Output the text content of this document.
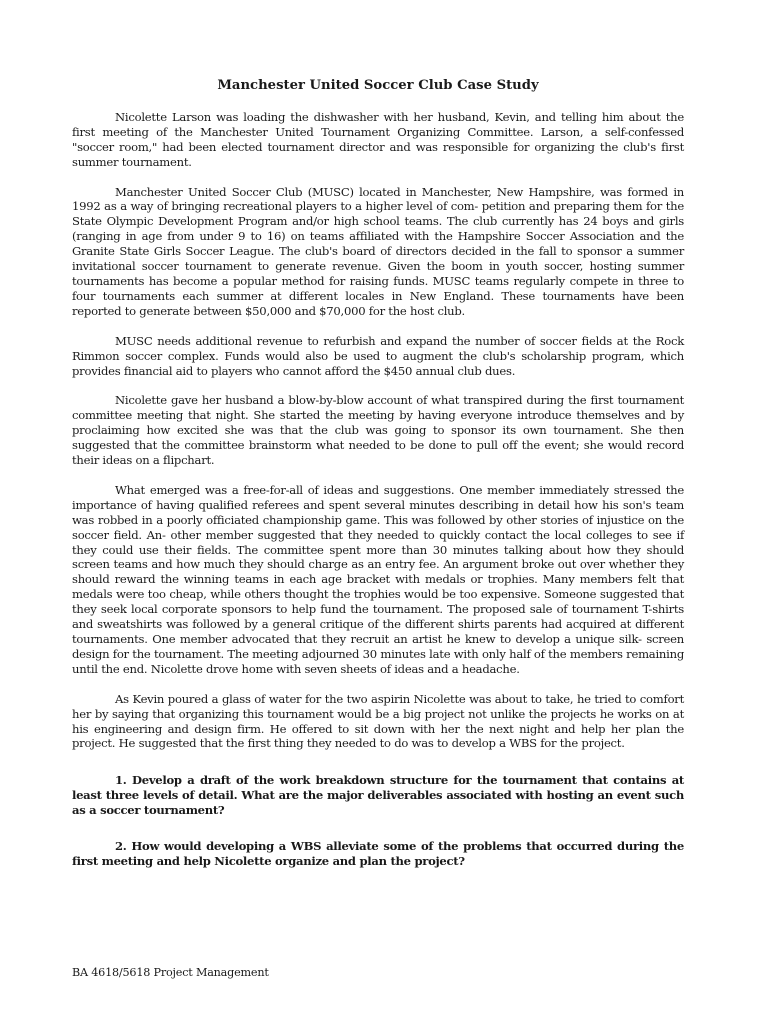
Manchester United Soccer Club Case Study

Nicolette Larson was loading the dishwasher with her husband, Kevin, and telling him about the first meeting of the Manchester United Tournament Organizing Committee. Larson, a self-confessed "soccer room," had been elected tournament director and was responsible for organizing the club's first summer tournament.

Manchester United Soccer Club (MUSC) located in Manchester, New Hampshire, was formed in 1992 as a way of bringing recreational players to a higher level of com- petition and preparing them for the State Olympic Development Program and/or high school teams. The club currently has 24 boys and girls (ranging in age from under 9 to 16) on teams affiliated with the Hampshire Soccer Association and the Granite State Girls Soccer League. The club's board of directors decided in the fall to sponsor a summer invitational soccer tournament to generate revenue. Given the boom in youth soccer, hosting summer tournaments has become a popular method for raising funds. MUSC teams regularly compete in three to four tournaments each summer at different locales in New England. These tournaments have been reported to generate between $50,000 and $70,000 for the host club.

MUSC needs additional revenue to refurbish and expand the number of soccer fields at the Rock Rimmon soccer complex. Funds would also be used to augment the club's scholarship program, which provides financial aid to players who cannot afford the $450 annual club dues.

Nicolette gave her husband a blow-by-blow account of what transpired during the first tournament committee meeting that night. She started the meeting by having everyone introduce themselves and by proclaiming how excited she was that the club was going to sponsor its own tournament. She then suggested that the committee brainstorm what needed to be done to pull off the event; she would record their ideas on a flipchart.

What emerged was a free-for-all of ideas and suggestions. One member immediately stressed the importance of having qualified referees and spent several minutes describing in detail how his son's team was robbed in a poorly officiated championship game. This was followed by other stories of injustice on the soccer field. An- other member suggested that they needed to quickly contact the local colleges to see if they could use their fields. The committee spent more than 30 minutes talking about how they should screen teams and how much they should charge as an entry fee. An argument broke out over whether they should reward the winning teams in each age bracket with medals or trophies. Many members felt that medals were too cheap, while others thought the trophies would be too expensive. Someone suggested that they seek local corporate sponsors to help fund the tournament. The proposed sale of tournament T-shirts and sweatshirts was followed by a general critique of the different shirts parents had acquired at different tournaments. One member advocated that they recruit an artist he knew to develop a unique silk- screen design for the tournament. The meeting adjourned 30 minutes late with only half of the members remaining until the end. Nicolette drove home with seven sheets of ideas and a headache.

As Kevin poured a glass of water for the two aspirin Nicolette was about to take, he tried to comfort her by saying that organizing this tournament would be a big project not unlike the projects he works on at his engineering and design firm. He offered to sit down with her the next night and help her plan the project. He suggested that the first thing they needed to do was to develop a WBS for the project.

1. Develop a draft of the work breakdown structure for the tournament that contains at least three levels of detail. What are the major deliverables associated with hosting an event such as a soccer tournament?

2. How would developing a WBS alleviate some of the problems that occurred during the first meeting and help Nicolette organize and plan the project?

BA 4618/5618 Project Management
